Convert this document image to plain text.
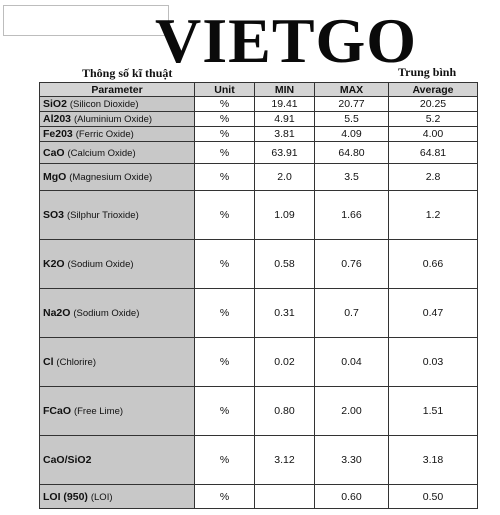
VIETGO
Thông số kĩ thuật	Trung bình
Parameter	Unit	MIN	MAX	Average
SiO2 (Silicon Dioxide)	%	19.41	20.77	20.25
Al203 (Aluminium Oxide)	%	4.91	5.5	5.2
Fe203 (Ferric Oxide)	%	3.81	4.09	4.00
CaO (Calcium Oxide)	%	63.91	64.80	64.81
MgO (Magnesium Oxide)	%	2.0	3.5	2.8
SO3 (Silphur Trioxide)	%	1.09	1.66	1.2
K2O (Sodium Oxide)	%	0.58	0.76	0.66
Na2O (Sodium Oxide)	%	0.31	0.7	0.47
Cl (Chlorire)	%	0.02	0.04	0.03
FCaO (Free Lime)	%	0.80	2.00	1.51
CaO/SiO2	%	3.12	3.30	3.18
LOI (950) (LOI)	%		0.60	0.50
